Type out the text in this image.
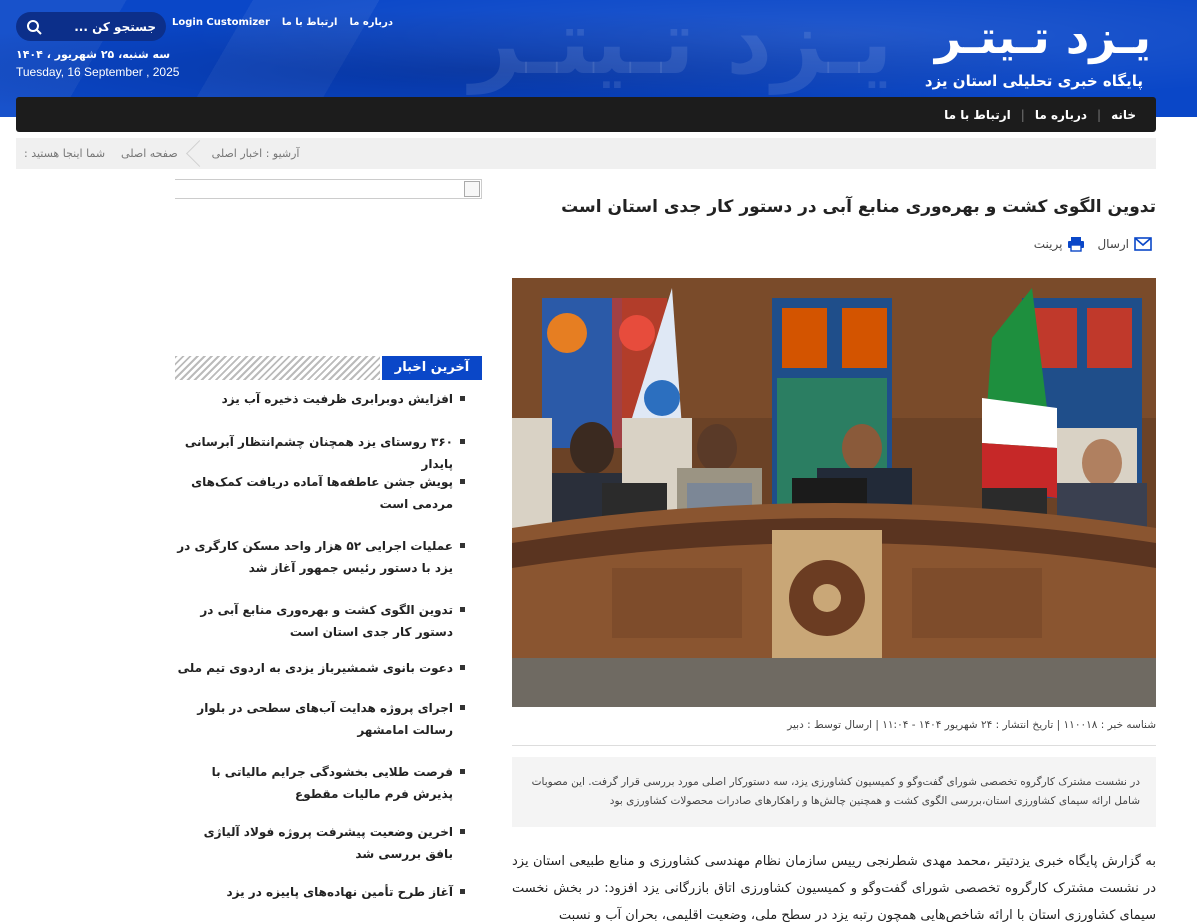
یـزد تـیتـر یـزد تـیتـر
پایگاه خبری تحلیلی استان یزد
جستجو کن ...
Login Customizer ارتباط با ما درباره ما
سه شنبه، ۲۵ شهریور ، ۱۴۰۴
Tuesday, 16 September , 2025
خانه
|
درباره ما
|
ارتباط با ما
شما اینجا هستید :	صفحه اصلی	آرشیو : اخبار اصلی
تدوین الگوی کشت و بهره‌وری منابع آبی در دستور کار جدی استان است
ارسال
پرینت
شناسه خبر : ۱۱۰۰۱۸ | تاریخ انتشار : ۲۴ شهریور ۱۴۰۴ - ۱۱:۰۴ | ارسال توسط : دبیر
در نشست مشترک کارگروه تخصصی شورای گفت‌وگو و کمیسیون کشاورزی یزد، سه دستورکار اصلی مورد بررسی قرار گرفت. این مصوبات شامل ارائه سیمای کشاورزی استان،بررسی الگوی کشت و همچنین چالش‌ها و راهکارهای صادرات محصولات کشاورزی بود
به گزارش پایگاه خبری یزدتیتر ،محمد مهدی شطرنجی رییس سازمان نظام مهندسی کشاورزی و منابع طبیعی استان یزد در نشست مشترک کارگروه تخصصی شورای گفت‌وگو و کمیسیون کشاورزی اتاق بازرگانی یزد افزود: در بخش نخست سیمای کشاورزی استان با ارائه شاخص‌هایی همچون رتبه یزد در سطح ملی، وضعیت اقلیمی، بحران آب و نسبت
آخرین اخبار
افزایش دوبرابری ظرفیت ذخیره آب یزد
۳۶۰ روستای یزد همچنان چشم‌انتظار آبرسانی پایدار
پویش جشن عاطفه‌ها آماده دریافت کمک‌های مردمی است
عملیات اجرایی ۵۲ هزار واحد مسکن کارگری در یزد با دستور رئیس جمهور آغاز شد
تدوین الگوی کشت و بهره‌وری منابع آبی در دستور کار جدی استان است
دعوت بانوی شمشیرباز یزدی به اردوی تیم ملی
اجرای پروژه هدایت آب‌های سطحی در بلوار رسالت امامشهر
فرصت طلایی بخشودگی جرایم مالیاتی با پذیرش فرم مالیات مقطوع
اخرین وضعیت پیشرفت پروژه فولاد آلیاژی بافق بررسی شد
آغاز طرح تأمین نهاده‌های پاییزه در یزد
